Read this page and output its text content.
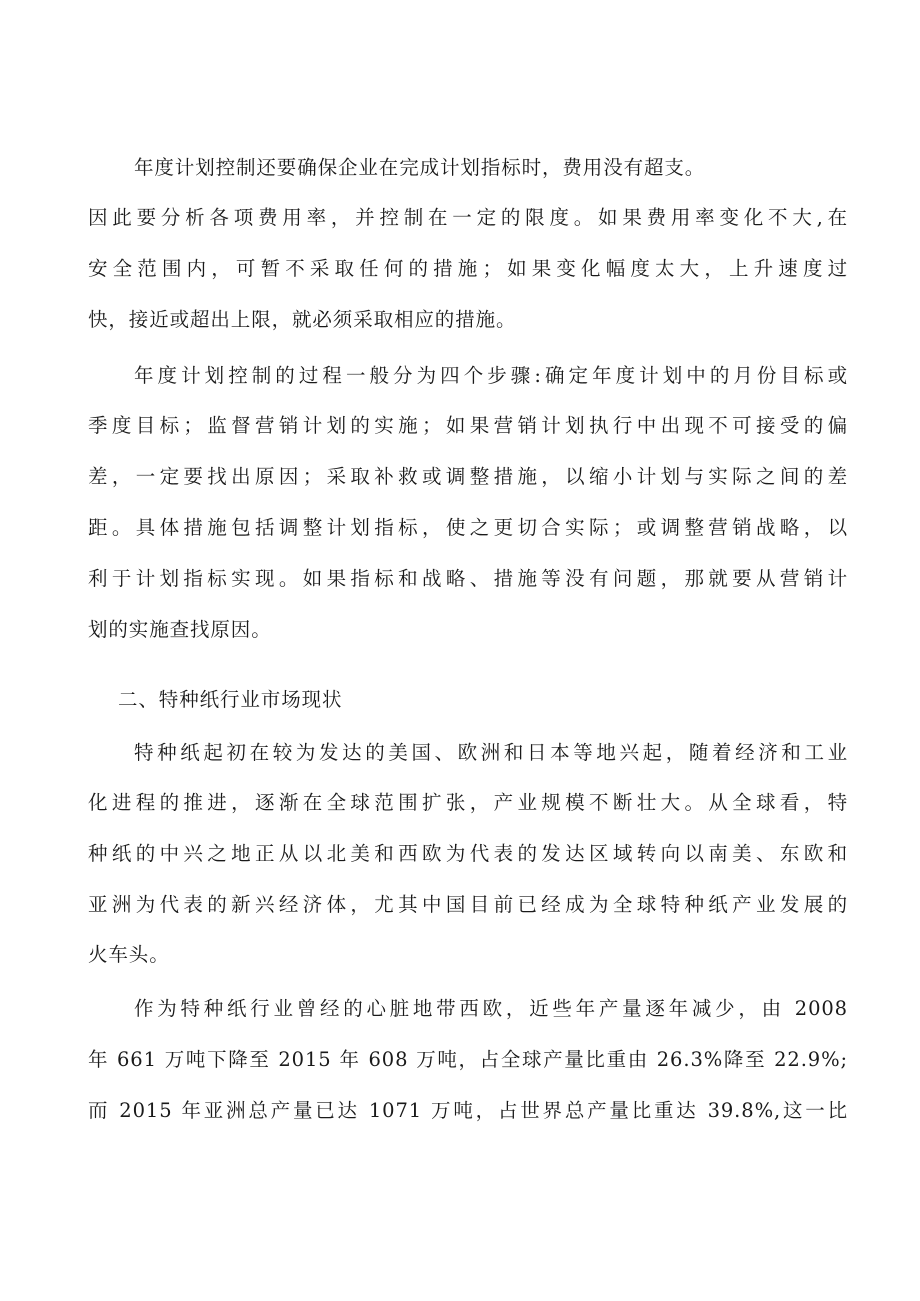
年度计划控制还要确保企业在完成计划指标时，费用没有超支。
因此要分析各项费用率，并控制在一定的限度。如果费用率变化不大,在
安全范围内，可暂不采取任何的措施；如果变化幅度太大，上升速度过
快，接近或超出上限，就必须采取相应的措施。
年度计划控制的过程一般分为四个步骤:确定年度计划中的月份目标或
季度目标；监督营销计划的实施；如果营销计划执行中出现不可接受的偏
差，一定要找出原因；采取补救或调整措施，以缩小计划与实际之间的差
距。具体措施包括调整计划指标，使之更切合实际；或调整营销战略，以
利于计划指标实现。如果指标和战略、措施等没有问题，那就要从营销计
划的实施查找原因。
二、特种纸行业市场现状
特种纸起初在较为发达的美国、欧洲和日本等地兴起，随着经济和工业
化进程的推进，逐渐在全球范围扩张，产业规模不断壮大。从全球看，特
种纸的中兴之地正从以北美和西欧为代表的发达区域转向以南美、东欧和
亚洲为代表的新兴经济体，尤其中国目前已经成为全球特种纸产业发展的
火车头。
作为特种纸行业曾经的心脏地带西欧，近些年产量逐年减少，由 2008
年 661 万吨下降至 2015 年 608 万吨，占全球产量比重由 26.3%降至 22.9%;
而 2015 年亚洲总产量已达 1071 万吨，占世界总产量比重达 39.8%,这一比
